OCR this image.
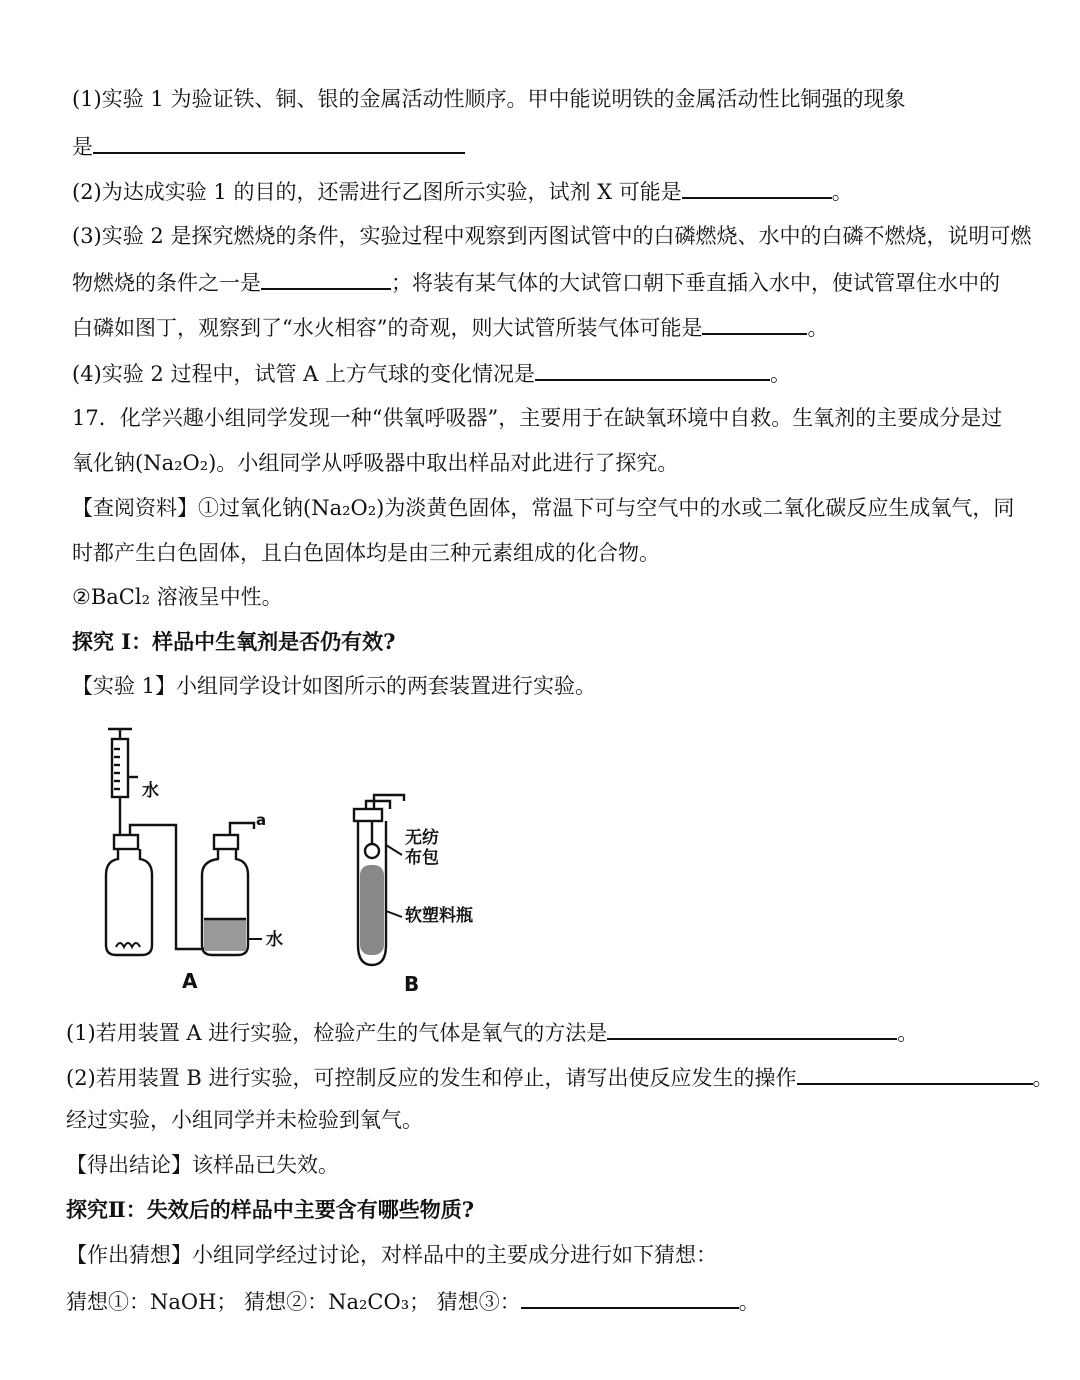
(1)实验 1 为验证铁、铜、银的金属活动性顺序。甲中能说明铁的金属活动性比铜强的现象
是
(2)为达成实验 1 的目的，还需进行乙图所示实验，试剂 X 可能是	。
(3)实验 2 是探究燃烧的条件，实验过程中观察到丙图试管中的白磷燃烧、水中的白磷不燃烧，说明可燃
物燃烧的条件之一是	；将装有某气体的大试管口朝下垂直插入水中，使试管罩住水中的
白磷如图丁，观察到了“水火相容”的奇观，则大试管所装气体可能是	。
(4)实验 2 过程中，试管 A 上方气球的变化情况是	。
17．化学兴趣小组同学发现一种“供氧呼吸器”，主要用于在缺氧环境中自救。生氧剂的主要成分是过
氧化钠(Na₂O₂)。小组同学从呼吸器中取出样品对此进行了探究。
【查阅资料】①过氧化钠(Na₂O₂)为淡黄色固体，常温下可与空气中的水或二氧化碳反应生成氧气，同
时都产生白色固体，且白色固体均是由三种元素组成的化合物。
②BaCl₂ 溶液呈中性。
探究 I：样品中生氧剂是否仍有效?
【实验 1】小组同学设计如图所示的两套装置进行实验。
水
a
水
无纺
布包
软塑料瓶
A	B
(1)若用装置 A 进行实验，检验产生的气体是氧气的方法是	。
(2)若用装置 B 进行实验，可控制反应的发生和停止，请写出使反应发生的操作	。
经过实验，小组同学并未检验到氧气。
【得出结论】该样品已失效。
探究Ⅱ：失效后的样品中主要含有哪些物质?
【作出猜想】小组同学经过讨论，对样品中的主要成分进行如下猜想：
猜想①：NaOH； 猜想②：Na₂CO₃； 猜想③：	。
